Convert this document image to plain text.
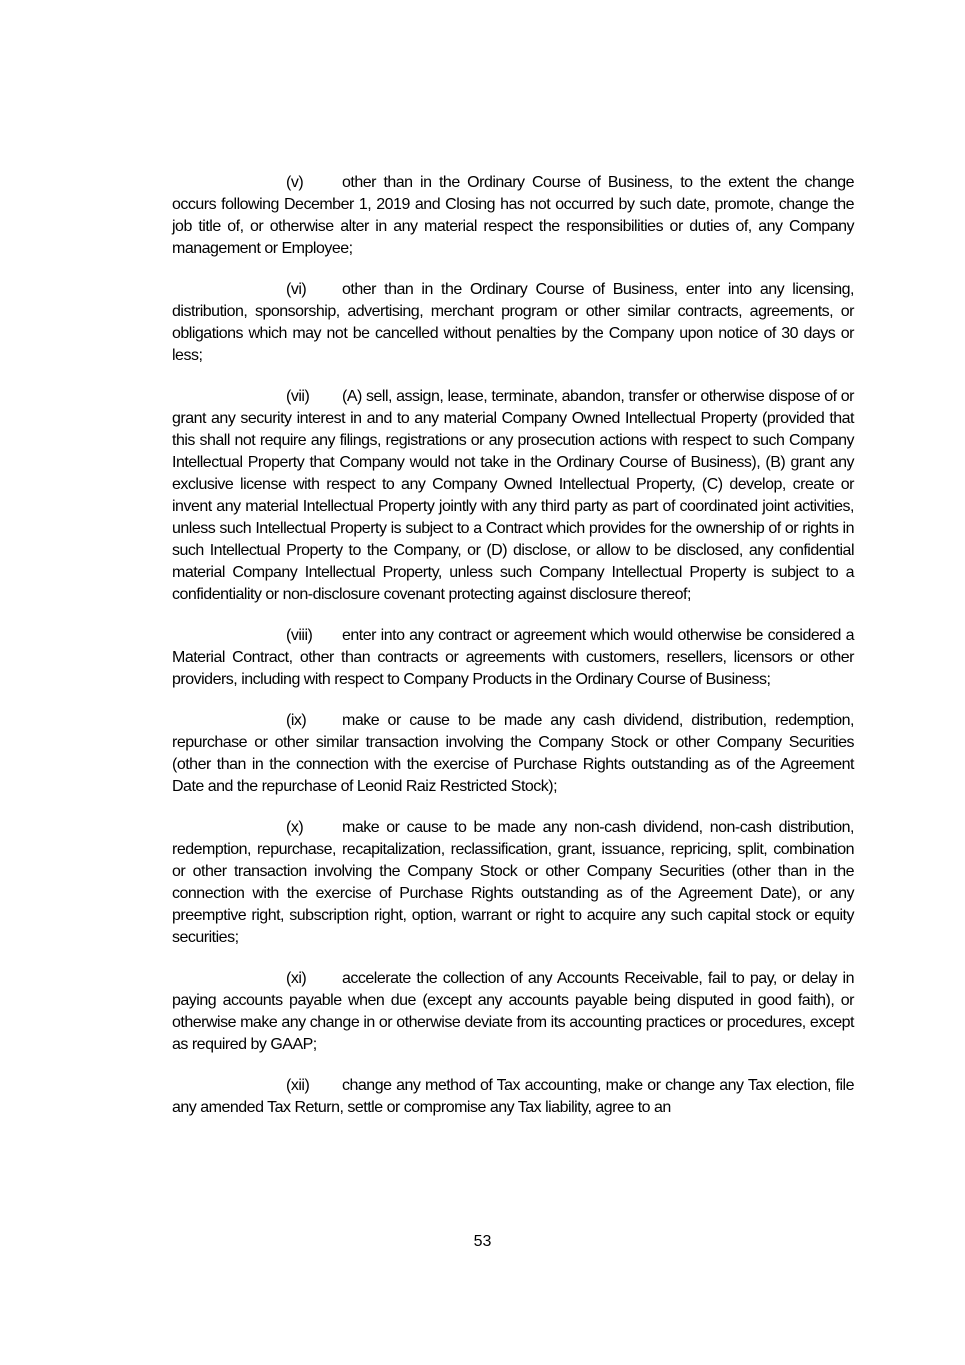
(v) other than in the Ordinary Course of Business, to the extent the change occurs following December 1, 2019 and Closing has not occurred by such date, promote, change the job title of, or otherwise alter in any material respect the responsibilities or duties of, any Company management or Employee;

(vi) other than in the Ordinary Course of Business, enter into any licensing, distribution, sponsorship, advertising, merchant program or other similar contracts, agreements, or obligations which may not be cancelled without penalties by the Company upon notice of 30 days or less;

(vii) (A) sell, assign, lease, terminate, abandon, transfer or otherwise dispose of or grant any security interest in and to any material Company Owned Intellectual Property (provided that this shall not require any filings, registrations or any prosecution actions with respect to such Company Intellectual Property that Company would not take in the Ordinary Course of Business), (B) grant any exclusive license with respect to any Company Owned Intellectual Property, (C) develop, create or invent any material Intellectual Property jointly with any third party as part of coordinated joint activities, unless such Intellectual Property is subject to a Contract which provides for the ownership of or rights in such Intellectual Property to the Company, or (D) disclose, or allow to be disclosed, any confidential material Company Intellectual Property, unless such Company Intellectual Property is subject to a confidentiality or non-disclosure covenant protecting against disclosure thereof;

(viii) enter into any contract or agreement which would otherwise be considered a Material Contract, other than contracts or agreements with customers, resellers, licensors or other providers, including with respect to Company Products in the Ordinary Course of Business;

(ix) make or cause to be made any cash dividend, distribution, redemption, repurchase or other similar transaction involving the Company Stock or other Company Securities (other than in the connection with the exercise of Purchase Rights outstanding as of the Agreement Date and the repurchase of Leonid Raiz Restricted Stock);

(x) make or cause to be made any non-cash dividend, non-cash distribution, redemption, repurchase, recapitalization, reclassification, grant, issuance, repricing, split, combination or other transaction involving the Company Stock or other Company Securities (other than in the connection with the exercise of Purchase Rights outstanding as of the Agreement Date), or any preemptive right, subscription right, option, warrant or right to acquire any such capital stock or equity securities;

(xi) accelerate the collection of any Accounts Receivable, fail to pay, or delay in paying accounts payable when due (except any accounts payable being disputed in good faith), or otherwise make any change in or otherwise deviate from its accounting practices or procedures, except as required by GAAP;

(xii) change any method of Tax accounting, make or change any Tax election, file any amended Tax Return, settle or compromise any Tax liability, agree to an

53
